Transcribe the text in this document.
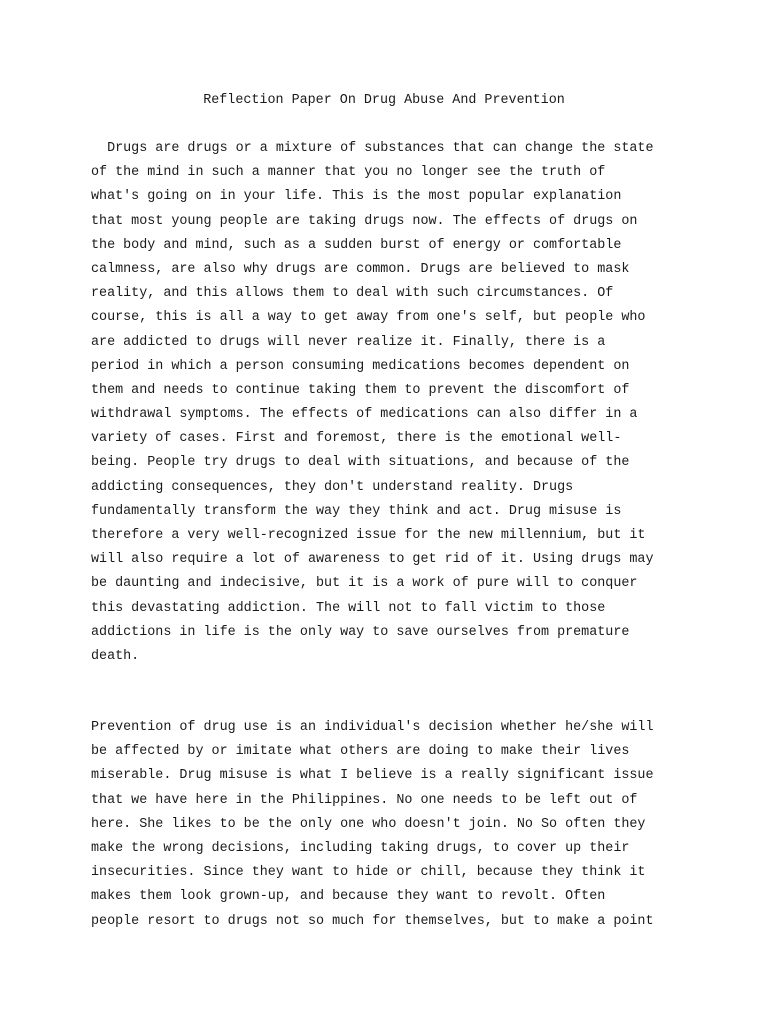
Reflection Paper On Drug Abuse And Prevention

Drugs are drugs or a mixture of substances that can change the state
of the mind in such a manner that you no longer see the truth of
what's going on in your life. This is the most popular explanation
that most young people are taking drugs now. The effects of drugs on
the body and mind, such as a sudden burst of energy or comfortable
calmness, are also why drugs are common. Drugs are believed to mask
reality, and this allows them to deal with such circumstances. Of
course, this is all a way to get away from one's self, but people who
are addicted to drugs will never realize it. Finally, there is a
period in which a person consuming medications becomes dependent on
them and needs to continue taking them to prevent the discomfort of
withdrawal symptoms. The effects of medications can also differ in a
variety of cases. First and foremost, there is the emotional well-
being. People try drugs to deal with situations, and because of the
addicting consequences, they don't understand reality. Drugs
fundamentally transform the way they think and act. Drug misuse is
therefore a very well-recognized issue for the new millennium, but it
will also require a lot of awareness to get rid of it. Using drugs may
be daunting and indecisive, but it is a work of pure will to conquer
this devastating addiction. The will not to fall victim to those
addictions in life is the only way to save ourselves from premature
death.

Prevention of drug use is an individual's decision whether he/she will
be affected by or imitate what others are doing to make their lives
miserable. Drug misuse is what I believe is a really significant issue
that we have here in the Philippines. No one needs to be left out of
here. She likes to be the only one who doesn't join. No So often they
make the wrong decisions, including taking drugs, to cover up their
insecurities. Since they want to hide or chill, because they think it
makes them look grown-up, and because they want to revolt. Often
people resort to drugs not so much for themselves, but to make a point
